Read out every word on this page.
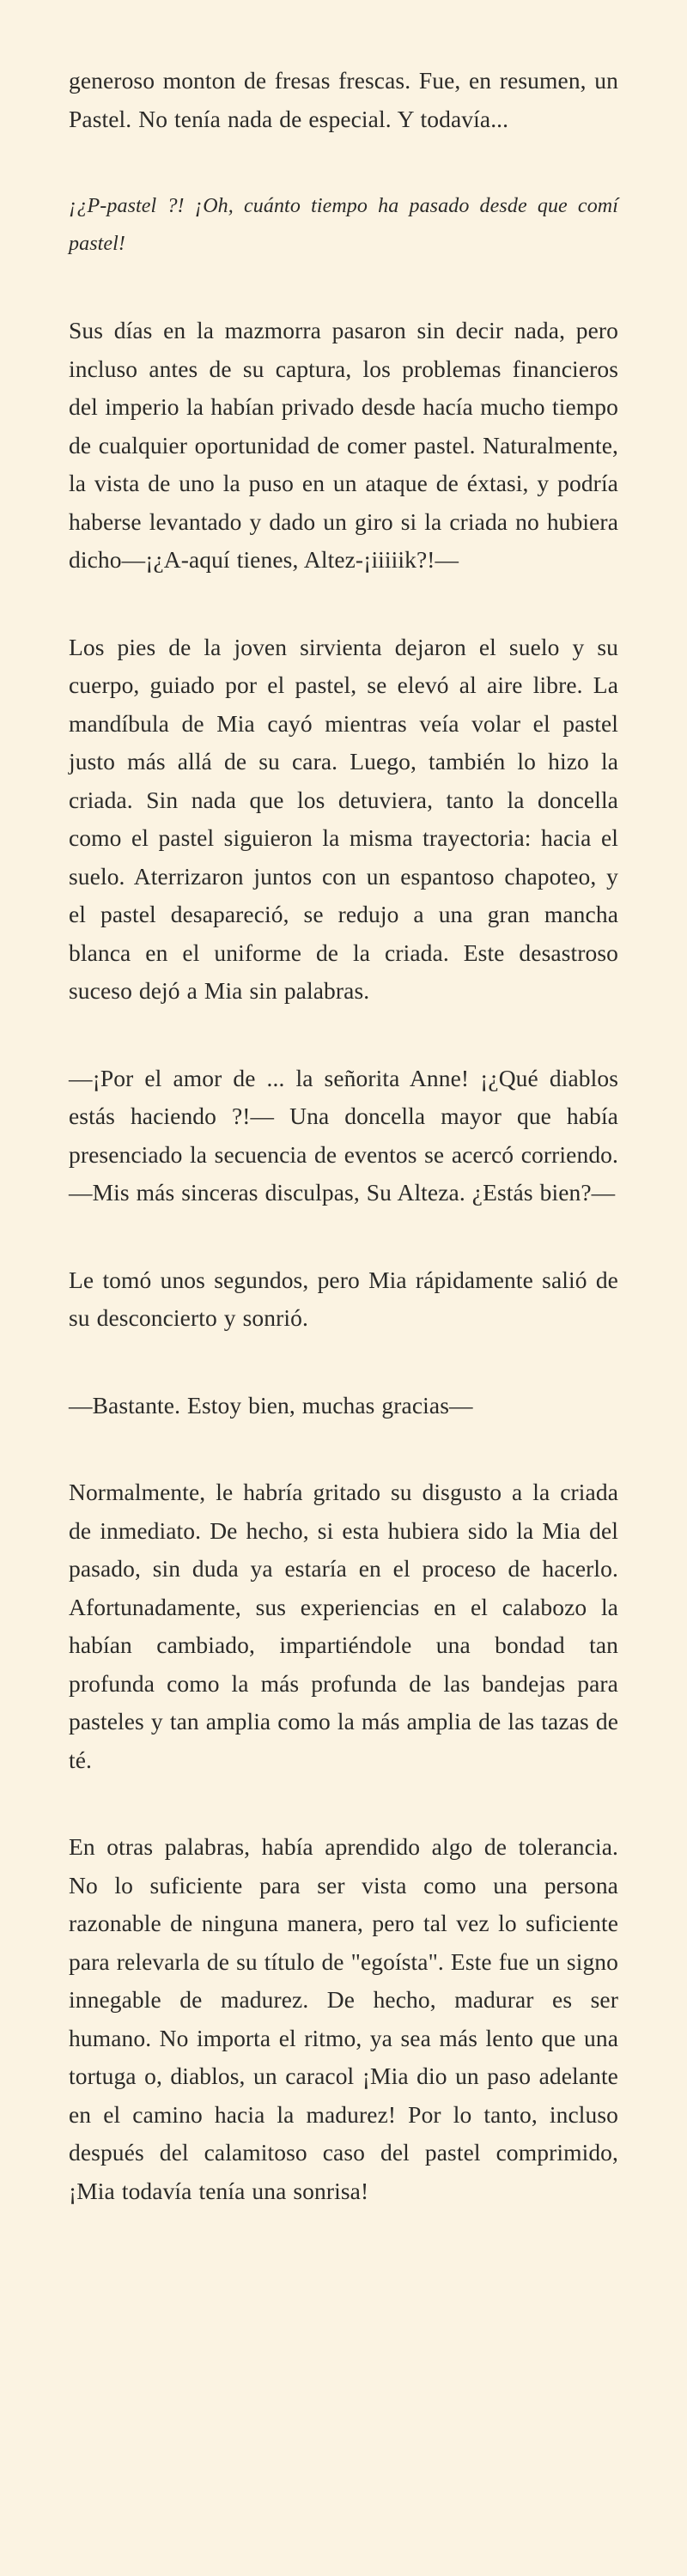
generoso monton de fresas frescas. Fue, en resumen, un Pastel. No tenía nada de especial. Y todavía...

¡¿P-pastel ?! ¡Oh, cuánto tiempo ha pasado desde que comí pastel!

Sus días en la mazmorra pasaron sin decir nada, pero incluso antes de su captura, los problemas financieros del imperio la habían privado desde hacía mucho tiempo de cualquier oportunidad de comer pastel. Naturalmente, la vista de uno la puso en un ataque de éxtasi, y podría haberse levantado y dado un giro si la criada no hubiera dicho—¡¿A-aquí tienes, Altez-¡iiiiik?!—

Los pies de la joven sirvienta dejaron el suelo y su cuerpo, guiado por el pastel, se elevó al aire libre. La mandíbula de Mia cayó mientras veía volar el pastel justo más allá de su cara. Luego, también lo hizo la criada. Sin nada que los detuviera, tanto la doncella como el pastel siguieron la misma trayectoria: hacia el suelo. Aterrizaron juntos con un espantoso chapoteo, y el pastel desapareció, se redujo a una gran mancha blanca en el uniforme de la criada. Este desastroso suceso dejó a Mia sin palabras.

—¡Por el amor de ... la señorita Anne! ¡¿Qué diablos estás haciendo ?!— Una doncella mayor que había presenciado la secuencia de eventos se acercó corriendo.—Mis más sinceras disculpas, Su Alteza. ¿Estás bien?—

Le tomó unos segundos, pero Mia rápidamente salió de su desconcierto y sonrió.

—Bastante. Estoy bien, muchas gracias—

Normalmente, le habría gritado su disgusto a la criada de inmediato. De hecho, si esta hubiera sido la Mia del pasado, sin duda ya estaría en el proceso de hacerlo. Afortunadamente, sus experiencias en el calabozo la habían cambiado, impartiéndole una bondad tan profunda como la más profunda de las bandejas para pasteles y tan amplia como la más amplia de las tazas de té.

En otras palabras, había aprendido algo de tolerancia. No lo suficiente para ser vista como una persona razonable de ninguna manera, pero tal vez lo suficiente para relevarla de su título de "egoísta". Este fue un signo innegable de madurez. De hecho, madurar es ser humano. No importa el ritmo, ya sea más lento que una tortuga o, diablos, un caracol ¡Mia dio un paso adelante en el camino hacia la madurez! Por lo tanto, incluso después del calamitoso caso del pastel comprimido, ¡Mia todavía tenía una sonrisa!
